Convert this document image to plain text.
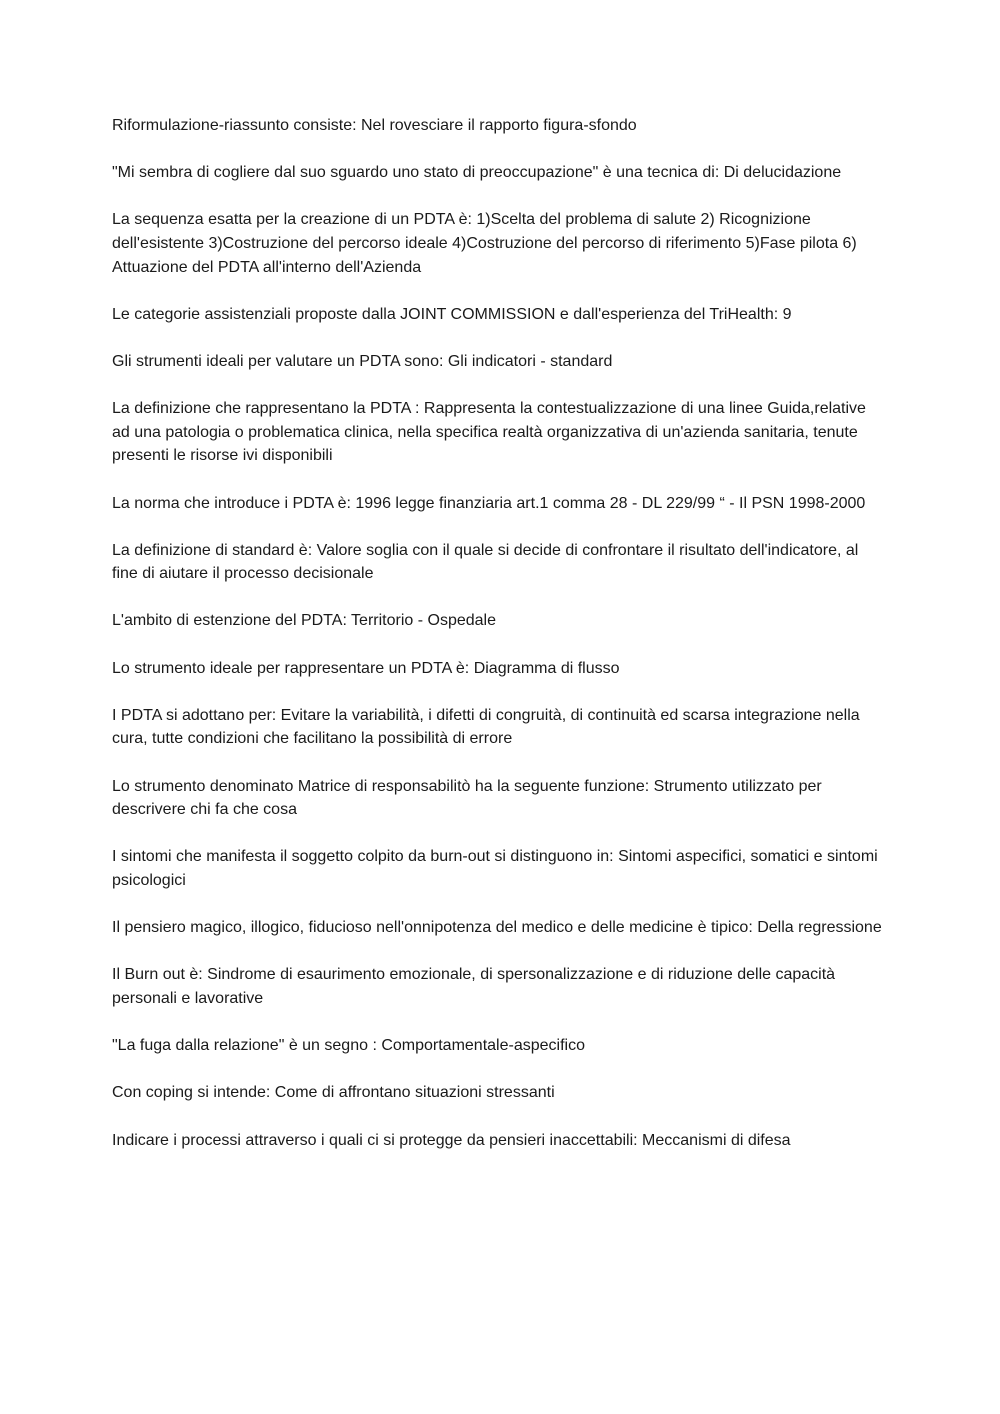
Riformulazione-riassunto consiste: Nel rovesciare il rapporto figura-sfondo

"Mi sembra di cogliere dal suo sguardo uno stato di preoccupazione" è una tecnica di: Di delucidazione

La sequenza esatta per la creazione di un PDTA è: 1)Scelta del problema di salute 2) Ricognizione dell'esistente 3)Costruzione del percorso ideale 4)Costruzione del percorso di riferimento 5)Fase pilota 6) Attuazione del PDTA all'interno dell'Azienda

Le categorie assistenziali proposte dalla JOINT COMMISSION e dall'esperienza del TriHealth: 9

Gli strumenti ideali per valutare un PDTA sono: Gli indicatori - standard

La definizione che rappresentano la PDTA : Rappresenta la contestualizzazione di una linee Guida,relative ad una patologia o problematica clinica, nella specifica realtà organizzativa di un'azienda sanitaria, tenute presenti le risorse ivi disponibili

La norma che introduce i PDTA è: 1996 legge finanziaria art.1 comma 28 - DL 229/99 “ - Il PSN 1998-2000

La definizione di standard è: Valore soglia con il quale si decide di confrontare il risultato dell'indicatore, al fine di aiutare il processo decisionale

L'ambito di estenzione del PDTA: Territorio - Ospedale

Lo strumento ideale per rappresentare un PDTA è: Diagramma di flusso

I PDTA si adottano per: Evitare la variabilità, i difetti di congruità, di continuità ed scarsa integrazione nella cura, tutte condizioni che facilitano la possibilità di errore

Lo strumento denominato Matrice di responsabilitò ha la seguente funzione: Strumento utilizzato per descrivere chi fa che cosa

I sintomi che manifesta il soggetto colpito da burn-out si distinguono in: Sintomi aspecifici, somatici e sintomi psicologici

Il pensiero magico, illogico, fiducioso nell'onnipotenza del medico e delle medicine è tipico: Della regressione

Il Burn out è: Sindrome di esaurimento emozionale, di spersonalizzazione e di riduzione delle capacità personali e lavorative

"La fuga dalla relazione" è un segno : Comportamentale-aspecifico

Con coping si intende: Come di affrontano situazioni stressanti

Indicare i processi attraverso i quali ci si protegge da pensieri inaccettabili: Meccanismi di difesa
